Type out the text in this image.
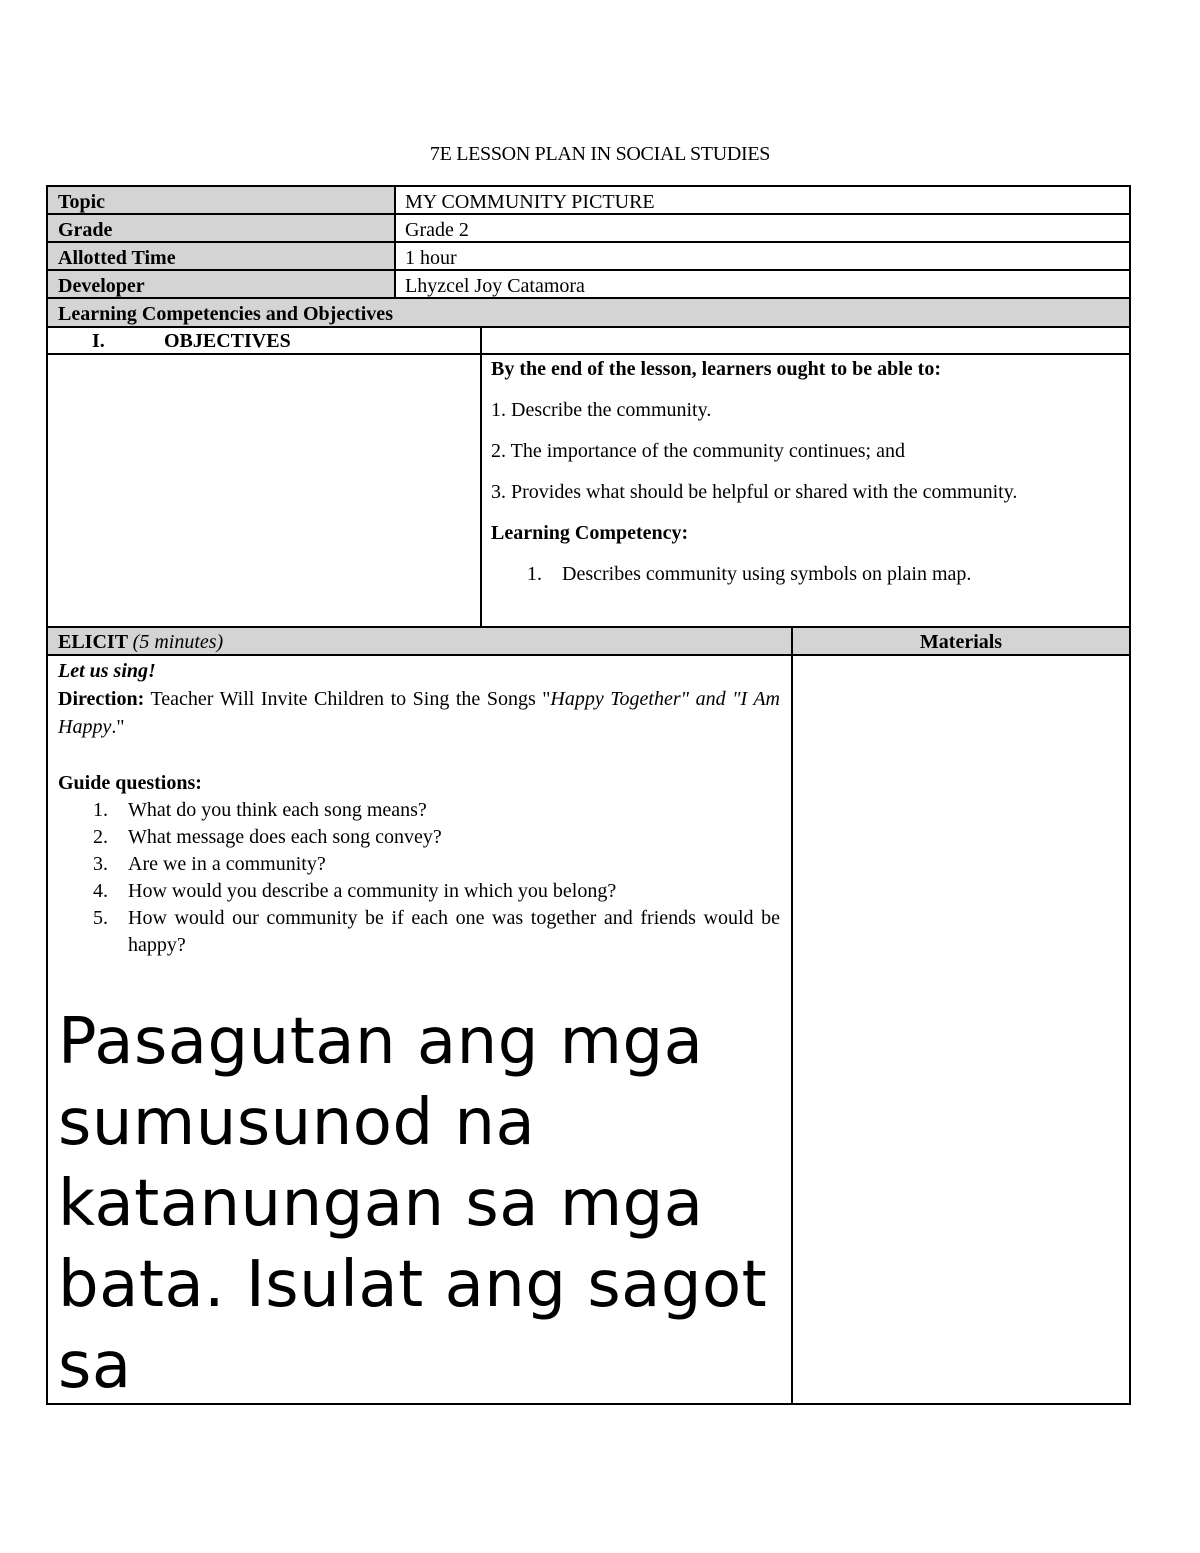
7E LESSON PLAN IN SOCIAL STUDIES
Topic	MY COMMUNITY PICTURE
Grade	Grade 2
Allotted Time	1 hour
Developer	Lhyzcel Joy Catamora
Learning Competencies and Objectives
I.	OBJECTIVES

By the end of the lesson, learners ought to be able to:

1. Describe the community.

2. The importance of the community continues; and

3. Provides what should be helpful or shared with the community.

Learning Competency:

1. Describes community using symbols on plain map.

ELICIT (5 minutes)	Materials

Let us sing!

Direction: Teacher Will Invite Children to Sing the Songs "Happy Together" and "I Am Happy."

Guide questions:

1. What do you think each song means?
2. What message does each song convey?
3. Are we in a community?
4. How would you describe a community in which you belong?
5. How would our community be if each one was together and friends would be happy?
Pasagutan ang mga sumusunod na katanungan sa mga bata. Isulat ang sagot sa
